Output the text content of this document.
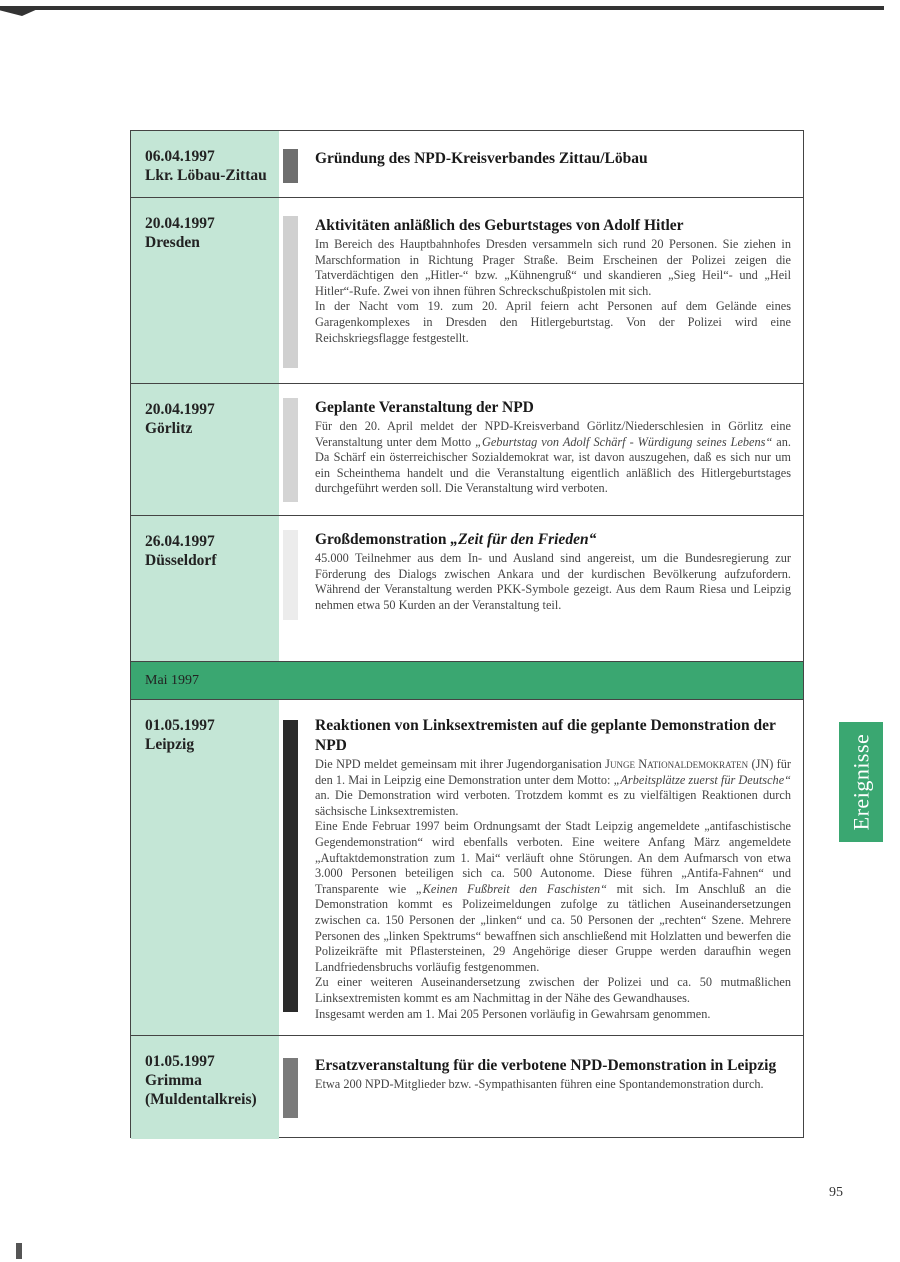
06.04.1997
Lkr. Löbau-Zittau
Gründung des NPD-Kreisverbandes Zittau/Löbau
20.04.1997
Dresden
Aktivitäten anläßlich des Geburtstages von Adolf Hitler

Im Bereich des Hauptbahnhofes Dresden versammeln sich rund 20 Personen. Sie ziehen in Marschformation in Richtung Prager Straße. Beim Erscheinen der Polizei zeigen die Tatverdächtigen den „Hitler-“ bzw. „Kühnengruß“ und skandieren „Sieg Heil“- und „Heil Hitler“-Rufe. Zwei von ihnen führen Schreckschußpistolen mit sich.

In der Nacht vom 19. zum 20. April feiern acht Personen auf dem Gelände eines Garagenkomplexes in Dresden den Hitlergeburtstag. Von der Polizei wird eine Reichskriegsflagge festgestellt.

20.04.1997
Görlitz
Geplante Veranstaltung der NPD

Für den 20. April meldet der NPD-Kreisverband Görlitz/Niederschlesien in Görlitz eine Veranstaltung unter dem Motto „Geburtstag von Adolf Schärf - Würdigung seines Lebens“ an. Da Schärf ein österreichischer Sozialdemokrat war, ist davon auszugehen, daß es sich nur um ein Scheinthema handelt und die Veranstaltung eigentlich anläßlich des Hitlergeburtstages durchgeführt werden soll. Die Veranstaltung wird verboten.

26.04.1997
Düsseldorf
Großdemonstration „Zeit für den Frieden“

45.000 Teilnehmer aus dem In- und Ausland sind angereist, um die Bundesregierung zur Förderung des Dialogs zwischen Ankara und der kurdischen Bevölkerung aufzufordern. Während der Veranstaltung werden PKK-Symbole gezeigt. Aus dem Raum Riesa und Leipzig nehmen etwa 50 Kurden an der Veranstaltung teil.

Mai 1997
01.05.1997
Leipzig
Reaktionen von Linksextremisten auf die geplante Demonstration der NPD

Die NPD meldet gemeinsam mit ihrer Jugendorganisation Junge Nationaldemokraten (JN) für den 1. Mai in Leipzig eine Demonstration unter dem Motto: „Arbeitsplätze zuerst für Deutsche“ an. Die Demonstration wird verboten. Trotzdem kommt es zu vielfältigen Reaktionen durch sächsische Linksextremisten.

Eine Ende Februar 1997 beim Ordnungsamt der Stadt Leipzig angemeldete „antifaschistische Gegendemonstration“ wird ebenfalls verboten. Eine weitere Anfang März angemeldete „Auftaktdemonstration zum 1. Mai“ verläuft ohne Störungen. An dem Aufmarsch von etwa 3.000 Personen beteiligen sich ca. 500 Autonome. Diese führen „Antifa-Fahnen“ und Transparente wie „Keinen Fußbreit den Faschisten“ mit sich. Im Anschluß an die Demonstration kommt es Polizeimeldungen zufolge zu tätlichen Auseinandersetzungen zwischen ca. 150 Personen der „linken“ und ca. 50 Personen der „rechten“ Szene. Mehrere Personen des „linken Spektrums“ bewaffnen sich anschließend mit Holzlatten und bewerfen die Polizeikräfte mit Pflastersteinen, 29 Angehörige dieser Gruppe werden daraufhin wegen Landfriedensbruchs vorläufig festgenommen.

Zu einer weiteren Auseinandersetzung zwischen der Polizei und ca. 50 mutmaßlichen Linksextremisten kommt es am Nachmittag in der Nähe des Gewandhauses.

Insgesamt werden am 1. Mai 205 Personen vorläufig in Gewahrsam genommen.

01.05.1997
Grimma
(Muldentalkreis)
Ersatzveranstaltung für die verbotene NPD-Demonstration in Leipzig

Etwa 200 NPD-Mitglieder bzw. -Sympathisanten führen eine Spontandemonstration durch.

Ereignisse
95
